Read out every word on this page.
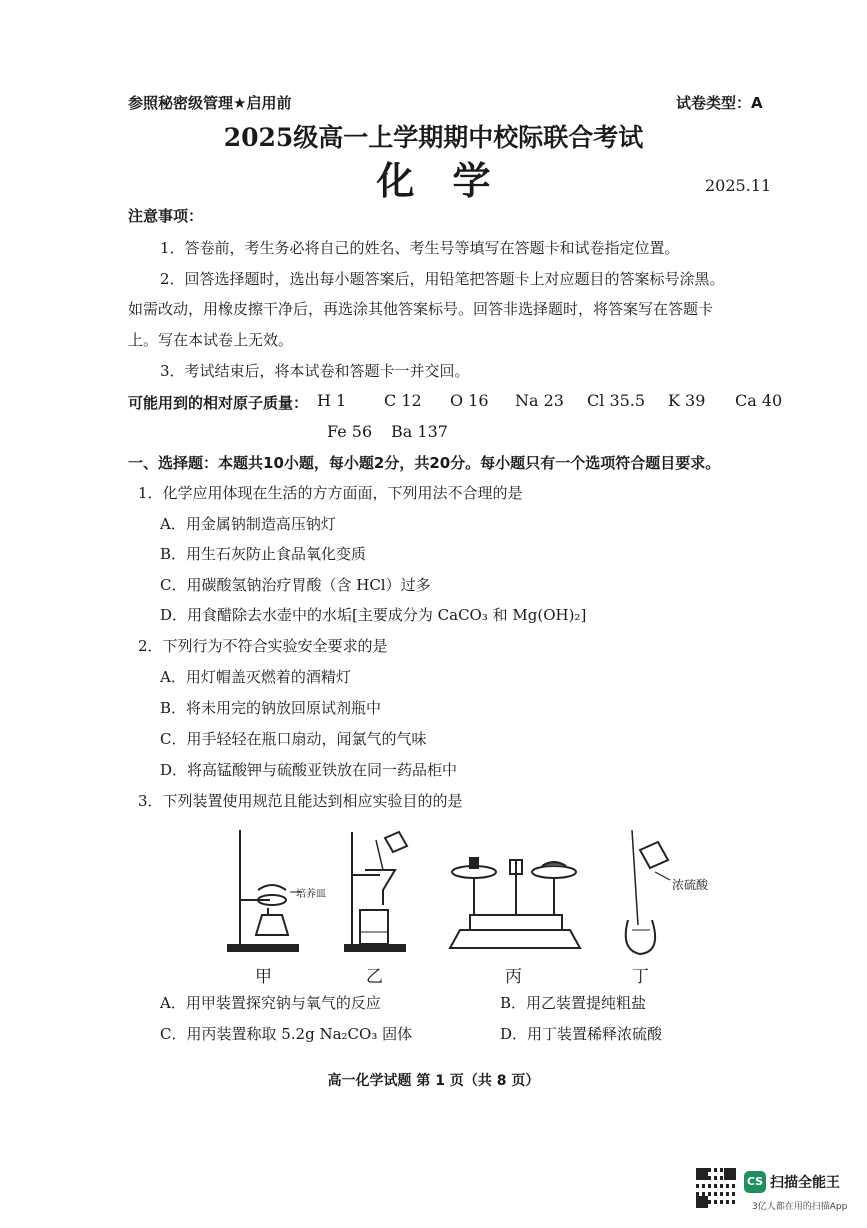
参照秘密级管理★启用前	试卷类型：A
2025级高一上学期期中校际联合考试
化　学	2025.11
注意事项：
1．答卷前，考生务必将自己的姓名、考生号等填写在答题卡和试卷指定位置。
2．回答选择题时，选出每小题答案后，用铅笔把答题卡上对应题目的答案标号涂黑。
如需改动，用橡皮擦干净后，再选涂其他答案标号。回答非选择题时，将答案写在答题卡
上。写在本试卷上无效。
3．考试结束后，将本试卷和答题卡一并交回。
可能用到的相对原子质量： H 1 C 12 O 16 Na 23 Cl 35.5 K 39 Ca 40
Fe 56 Ba 137
一、选择题：本题共10小题，每小题2分，共20分。每小题只有一个选项符合题目要求。
1．化学应用体现在生活的方方面面，下列用法不合理的是
A．用金属钠制造高压钠灯
B．用生石灰防止食品氧化变质
C．用碳酸氢钠治疗胃酸（含 HCl）过多
D．用食醋除去水壶中的水垢[主要成分为 CaCO₃ 和 Mg(OH)₂]
2．下列行为不符合实验安全要求的是
A．用灯帽盖灭燃着的酒精灯
B．将未用完的钠放回原试剂瓶中
C．用手轻轻在瓶口扇动，闻氯气的气味
D．将高锰酸钾与硫酸亚铁放在同一药品柜中
3．下列装置使用规范且能达到相应实验目的的是
培养皿
浓硫酸
甲	乙	丙	丁
A．用甲装置探究钠与氧气的反应	B．用乙装置提纯粗盐
C．用丙装置称取 5.2g Na₂CO₃ 固体	D．用丁装置稀释浓硫酸
高一化学试题 第 1 页（共 8 页）
CS 扫描全能王
3亿人都在用的扫描App
